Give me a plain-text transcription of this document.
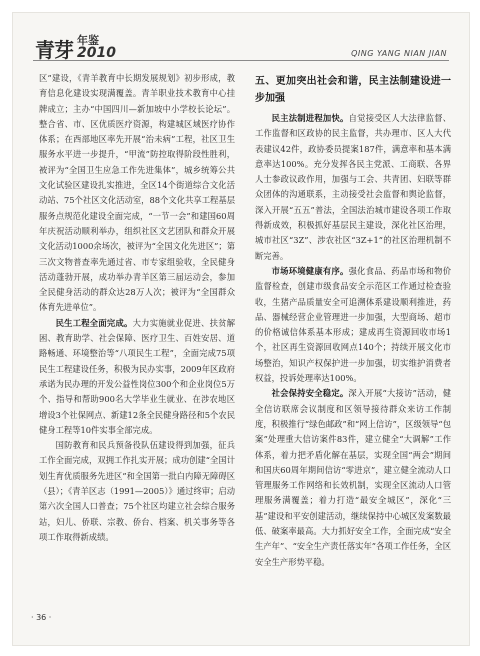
青芽 年鉴
2010	QING YANG NIAN JIAN

区”建设，《青羊教育中长期发展规划》初步形成，教育信息化建设实现满覆盖。青羊职业技术教育中心挂牌成立；主办“中国四川—新加坡中小学校长论坛”。整合省、市、区优质医疗资源，构建城区域医疗协作体系；在西部地区率先开展“治未病”工程，社区卫生服务水平进一步提升，“甲流”防控取得阶段性胜利，被评为“全国卫生应急工作先进集体”，城乡统筹公共文化试验区建设扎实推进，全区14个街道综合文化活动站、75个社区文化活动室，88个文化共享工程基层服务点规范化建设全面完成，“一节一会”和建国60周年庆祝活动顺利举办，组织社区文艺团队和群众开展文化活动1000余场次，被评为“全国文化先进区”；第三次文物普查率先通过省、市专家组验收，全民健身活动蓬勃开展，成功举办青羊区第三届运动会，参加全民健身活动的群众达28万人次；被评为“全国群众体育先进单位”。

民生工程全面完成。大力实施就业促进、扶贫解困、教育助学、社会保障、医疗卫生、百姓安居、道路畅通、环境整治等“八项民生工程”，全面完成75项民生工程建设任务，积极为民办实事，2009年区政府承诺为民办理的开发公益性岗位300个和企业岗位5万个、指导和帮助900名大学毕业生就业、在涉农地区增设3个社保网点、新建12条全民健身路径和5个农民健身工程等10件实事全部完成。

国防教育和民兵预备役队伍建设得到加强，征兵工作全面完成，双拥工作扎实开展；成功创建“全国计划生育优质服务先进区”和全国第一批白内障无障碍区（县）；《青羊区志（1991—2005）》通过终审；启动第六次全国人口普查；75个社区均建立社会综合服务站，妇儿、侨联、宗教、侨台、档案、机关事务等各项工作取得新成绩。

五、更加突出社会和谐，民主法制建设进一步加强

民主法制进程加快。自觉接受区人大法律监督、工作监督和区政协的民主监督，共办理市、区人大代表建议42件，政协委员提案187件，满意率和基本满意率达100%。充分发挥各民主党派、工商联、各界人士参政议政作用，加强与工会、共青团、妇联等群众团体的沟通联系，主动接受社会监督和舆论监督，深入开展“五五”普法，全国法治城市建设各项工作取得新成效，积极抓好基层民主建设，深化社区治理，城市社区“3Z”、涉农社区“3Z+1”的社区治理机制不断完善。

市场环境健康有序。强化食品、药品市场和物价监督检查，创建市级食品安全示范区工作通过检查验收，生猪产品质量安全可追溯体系建设顺利推进，药品、器械经营企业管理进一步加强，大型商场、超市的价格诚信体系基本形成；建成再生资源回收市场1个，社区再生资源回收网点140个；持续开展文化市场整治，知识产权保护进一步加强，切实维护消费者权益，投诉处理率达100%。

社会保持安全稳定。深入开展“大接访”活动，健全信访联席会议制度和区领导接待群众来访工作制度，积极推行“绿色邮政”和“网上信访”，区级领导“包案”处理重大信访案件83件，建立健全“大调解”工作体系，着力把矛盾化解在基层，实现全国“两会”期间和国庆60周年期间信访“零进京”，建立健全流动人口管理服务工作网络和长效机制，实现全区流动人口管理服务满覆盖；着力打造“最安全城区”，深化“三基”建设和平安创建活动，继续保持中心城区发案数最低、破案率最高。大力抓好安全工作，全面完成“安全生产年”、“安全生产责任落实年”各项工作任务，全区安全生产形势平稳。

· 36 ·
